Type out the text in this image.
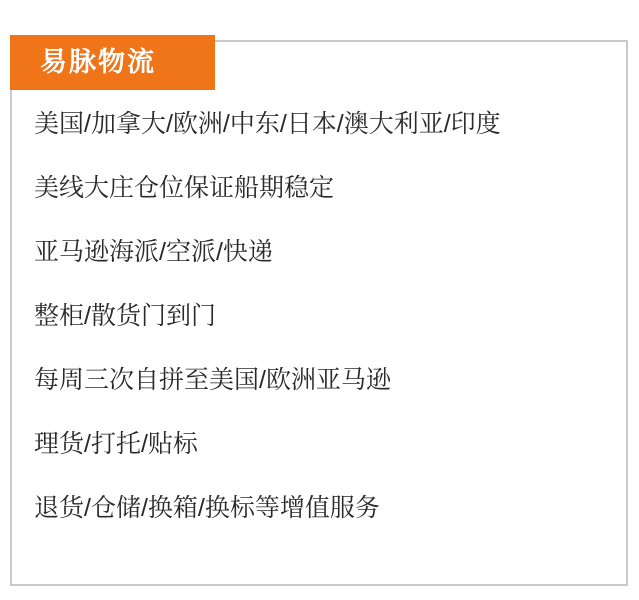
美国/加拿大/欧洲/中东/日本/澳大利亚/印度
美线大庄仓位保证船期稳定
亚马逊海派/空派/快递
整柜/散货门到门
每周三次自拼至美国/欧洲亚马逊
理货/打托/贴标
退货/仓储/换箱/换标等增值服务
易脉物流
